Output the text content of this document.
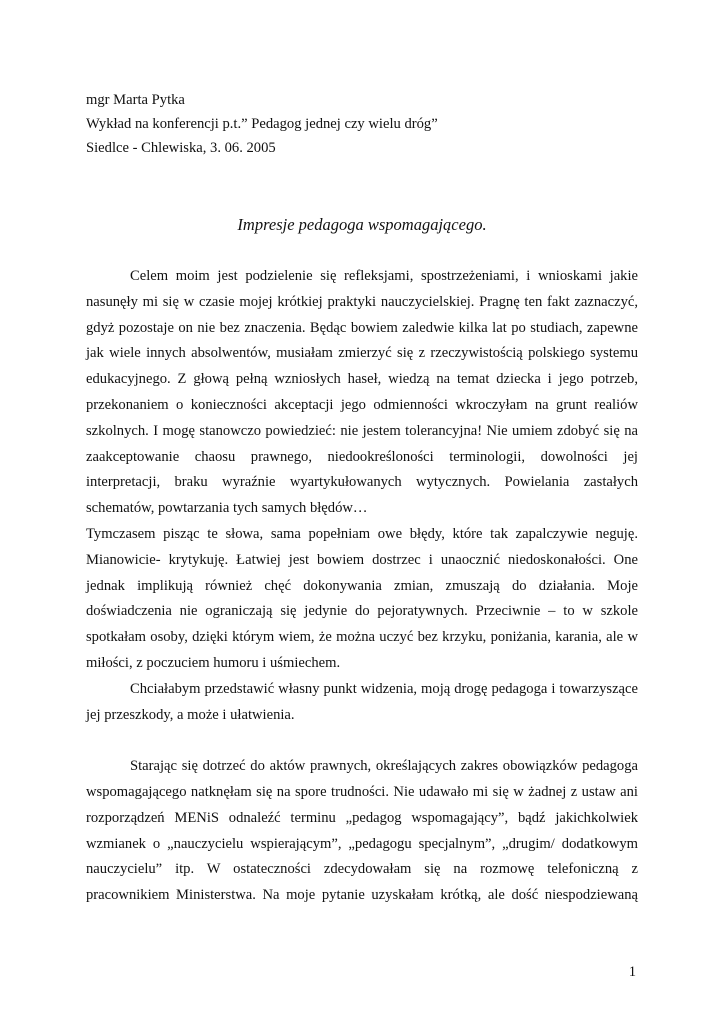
mgr Marta Pytka
Wykład na konferencji p.t.” Pedagog jednej czy wielu dróg”
Siedlce - Chlewiska, 3. 06. 2005
Impresje pedagoga wspomagającego.
Celem moim jest podzielenie się refleksjami, spostrzeżeniami, i wnioskami jakie
nasunęły mi się w czasie mojej krótkiej praktyki nauczycielskiej. Pragnę ten fakt zaznaczyć,
gdyż pozostaje on nie bez znaczenia. Będąc bowiem zaledwie kilka lat po studiach, zapewne
jak wiele innych absolwentów, musiałam zmierzyć się z rzeczywistością polskiego systemu
edukacyjnego. Z głową pełną wzniosłych haseł, wiedzą na temat dziecka i jego potrzeb,
przekonaniem o konieczności akceptacji jego odmienności wkroczyłam na grunt realiów
szkolnych. I mogę stanowczo powiedzieć: nie jestem tolerancyjna! Nie umiem zdobyć się na
zaakceptowanie chaosu prawnego, niedookreśloności terminologii, dowolności jej
interpretacji, braku wyraźnie wyartykułowanych wytycznych. Powielania zastałych
schematów, powtarzania tych samych błędów…
Tymczasem pisząc te słowa, sama popełniam owe błędy, które tak zapalczywie neguję.
Mianowicie- krytykuję. Łatwiej jest bowiem dostrzec i unaocznić niedoskonałości. One
jednak implikują również chęć dokonywania zmian, zmuszają do działania. Moje
doświadczenia nie ograniczają się jedynie do pejoratywnych. Przeciwnie – to w szkole
spotkałam osoby, dzięki którym wiem, że można uczyć bez krzyku, poniżania, karania, ale w
miłości, z poczuciem humoru i uśmiechem.
Chciałabym przedstawić własny punkt widzenia, moją drogę pedagoga i towarzyszące
jej przeszkody, a może i ułatwienia.
Starając się dotrzeć do aktów prawnych, określających zakres obowiązków pedagoga
wspomagającego natknęłam się na spore trudności. Nie udawało mi się w żadnej z ustaw ani
rozporządzeń MENiS odnaleźć terminu „pedagog wspomagający”, bądź jakichkolwiek
wzmianek o „nauczycielu wspierającym”, „pedagogu specjalnym”, „drugim/ dodatkowym
nauczycielu” itp. W ostateczności zdecydowałam się na rozmowę telefoniczną z
pracownikiem Ministerstwa. Na moje pytanie uzyskałam krótką, ale dość niespodziewaną
1
